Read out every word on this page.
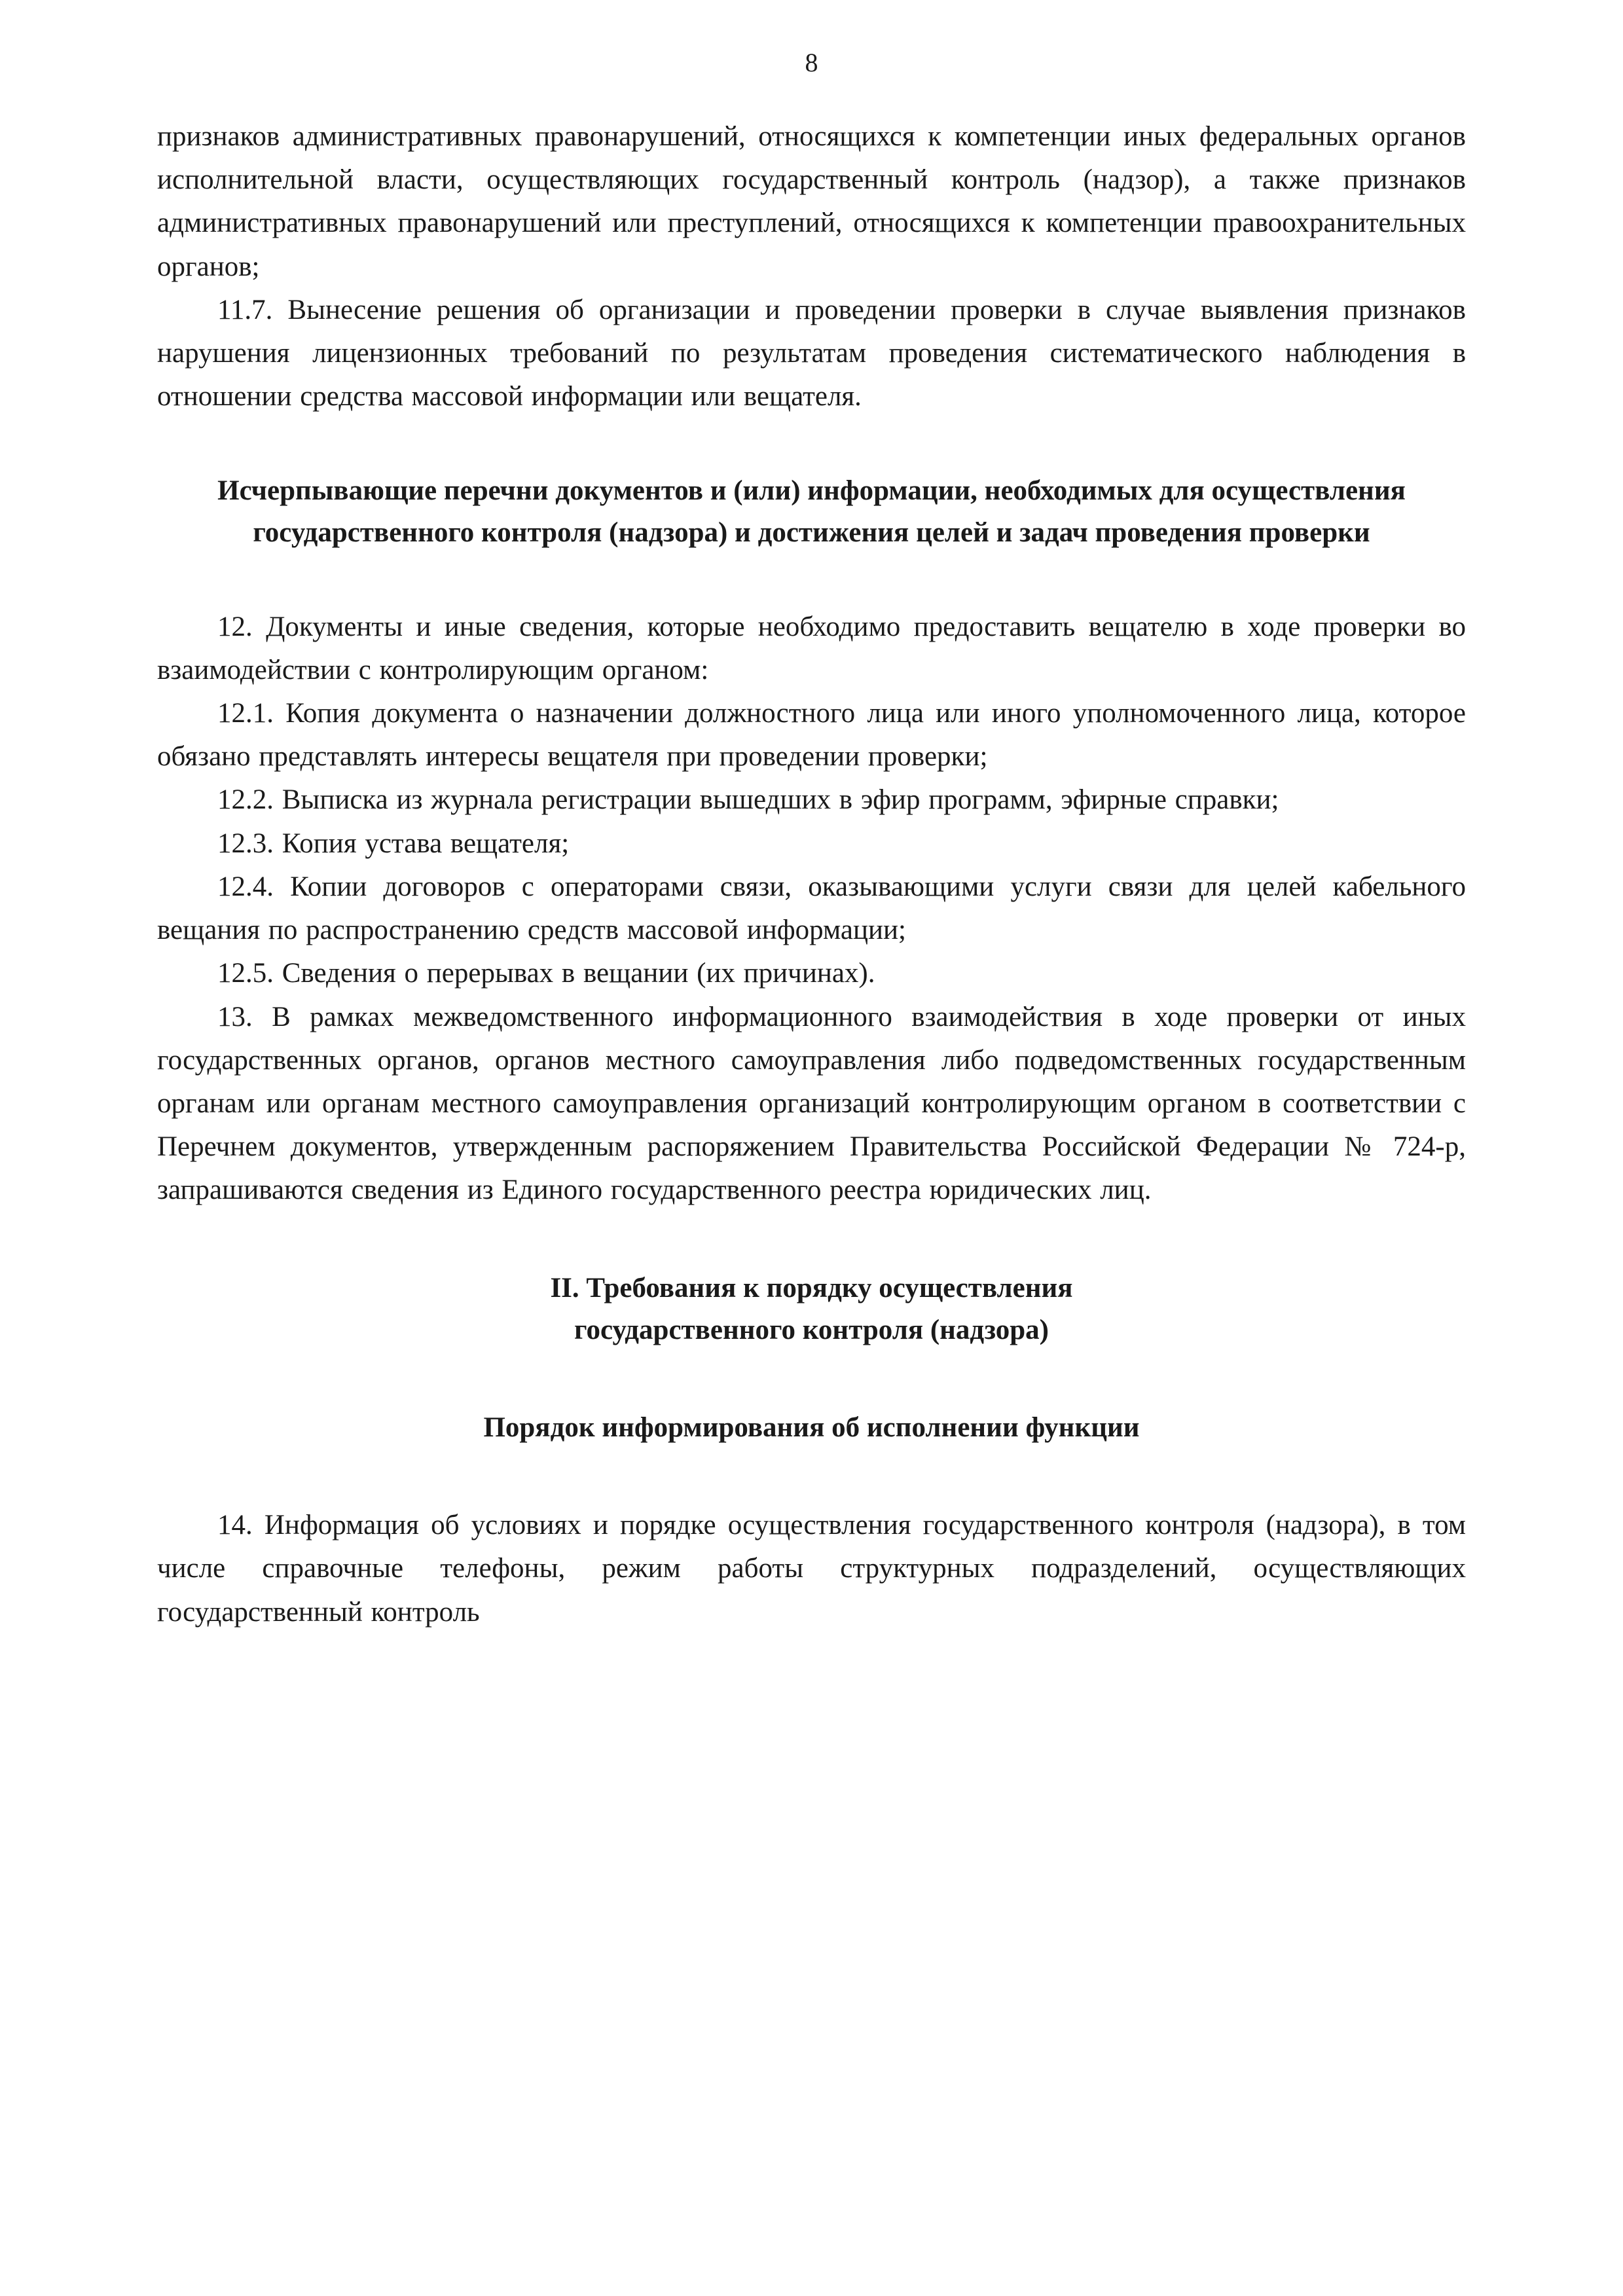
8

признаков административных правонарушений, относящихся к компетенции иных федеральных органов исполнительной власти, осуществляющих государственный контроль (надзор), а также признаков административных правонарушений или преступлений, относящихся к компетенции правоохранительных органов;

11.7. Вынесение решения об организации и проведении проверки в случае выявления признаков нарушения лицензионных требований по результатам проведения систематического наблюдения в отношении средства массовой информации или вещателя.

Исчерпывающие перечни документов и (или) информации, необходимых для осуществления государственного контроля (надзора) и достижения целей и задач проведения проверки

12. Документы и иные сведения, которые необходимо предоставить вещателю в ходе проверки во взаимодействии с контролирующим органом:

12.1. Копия документа о назначении должностного лица или иного уполномоченного лица, которое обязано представлять интересы вещателя при проведении проверки;

12.2. Выписка из журнала регистрации вышедших в эфир программ, эфирные справки;

12.3. Копия устава вещателя;

12.4. Копии договоров с операторами связи, оказывающими услуги связи для целей кабельного вещания по распространению средств массовой информации;

12.5. Сведения о перерывах в вещании (их причинах).

13. В рамках межведомственного информационного взаимодействия в ходе проверки от иных государственных органов, органов местного самоуправления либо подведомственных государственным органам или органам местного самоуправления организаций контролирующим органом в соответствии с Перечнем документов, утвержденным распоряжением Правительства Российской Федерации № 724-р, запрашиваются сведения из Единого государственного реестра юридических лиц.

II. Требования к порядку осуществления
государственного контроля (надзора)
Порядок информирования об исполнении функции

14. Информация об условиях и порядке осуществления государственного контроля (надзора), в том числе справочные телефоны, режим работы структурных подразделений, осуществляющих государственный контроль
